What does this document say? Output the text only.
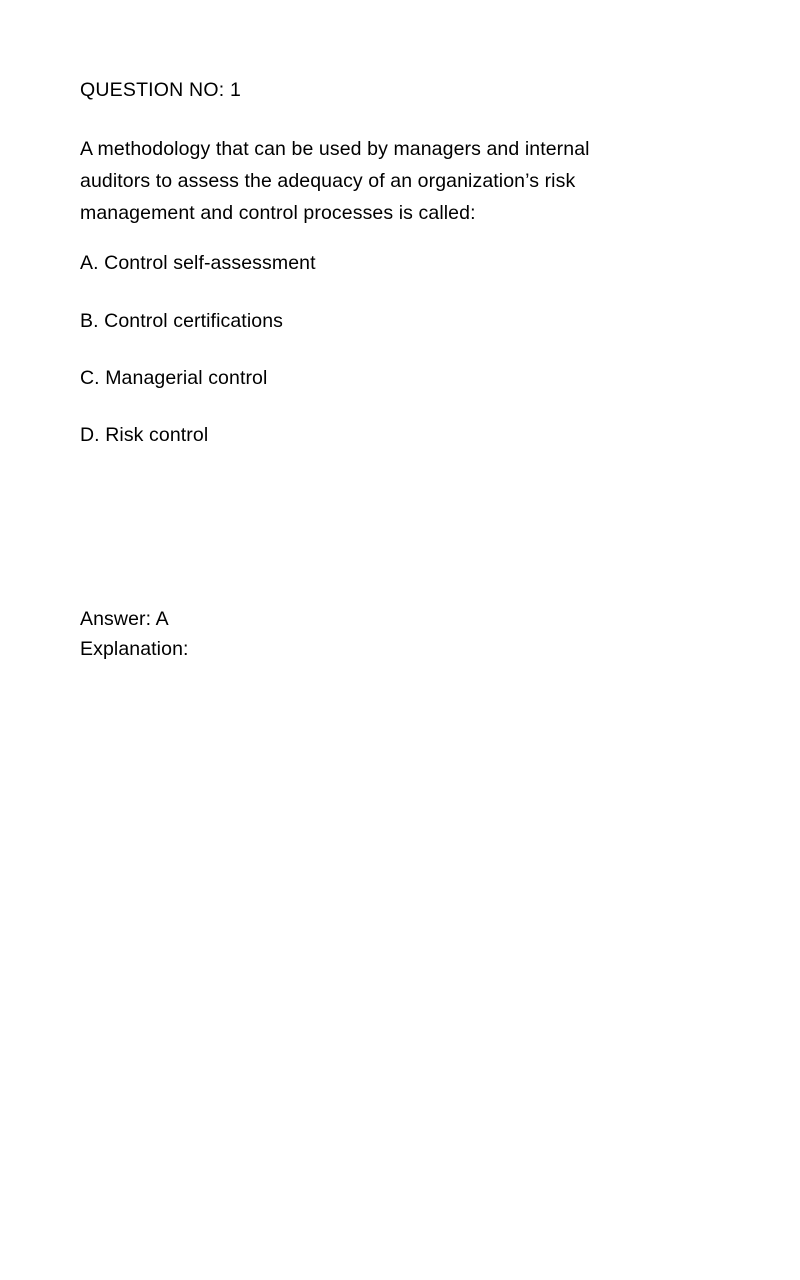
QUESTION NO: 1
A methodology that can be used by managers and internal
auditors to assess the adequacy of an organization’s risk
management and control processes is called:
A. Control self-assessment
B. Control certifications
C. Managerial control
D. Risk control
Answer: A
Explanation:
